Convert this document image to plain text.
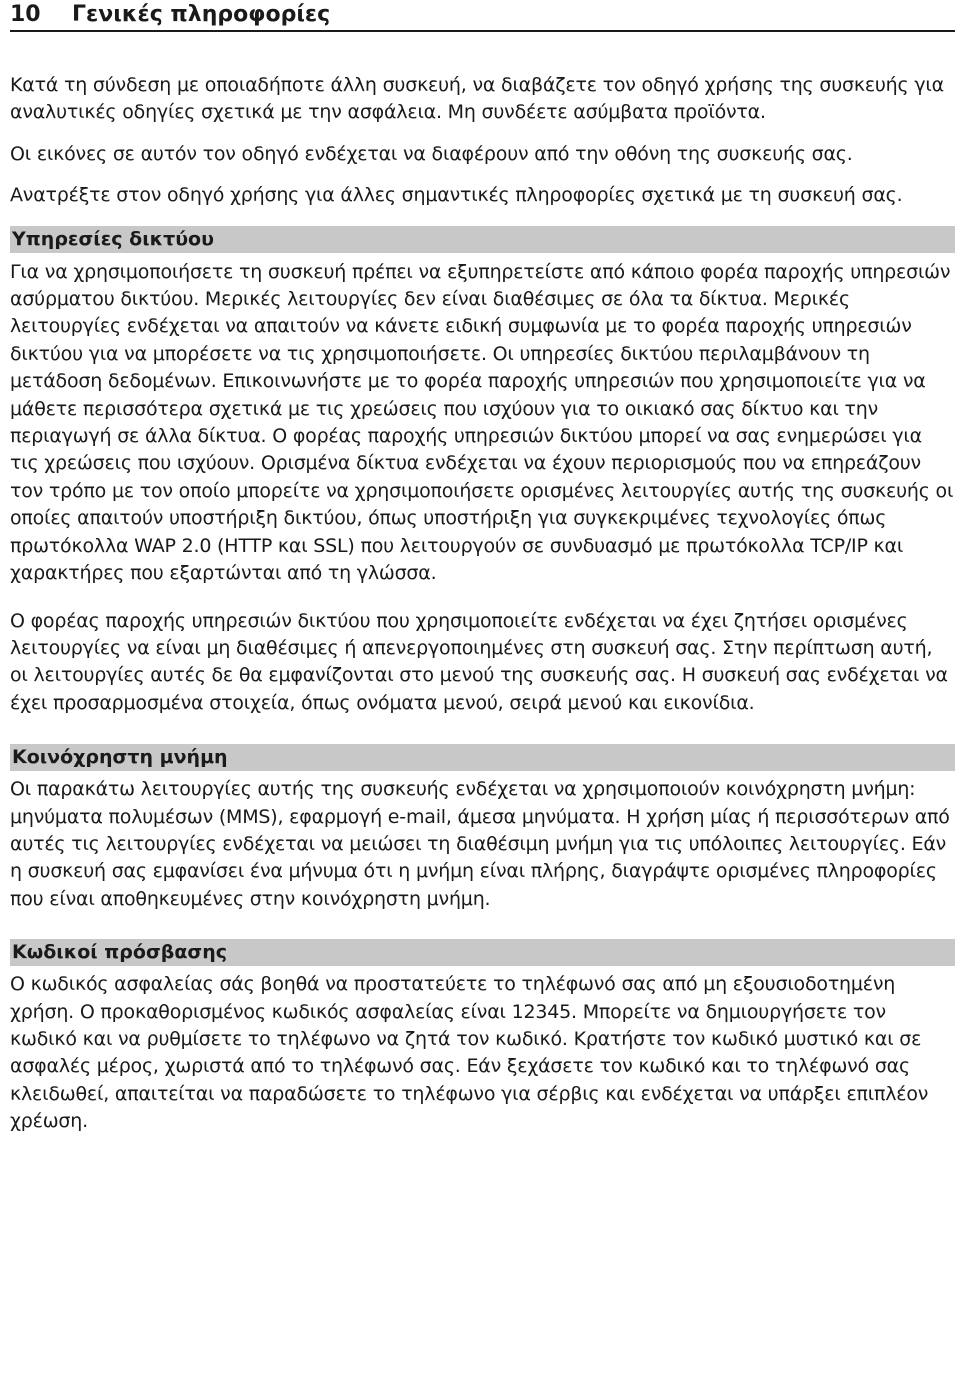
10	Γενικές πληροφορίες

Κατά τη σύνδεση με οποιαδήποτε άλλη συσκευή, να διαβάζετε τον οδηγό χρήσης της συσκευής για αναλυτικές οδηγίες σχετικά με την ασφάλεια. Μη συνδέετε ασύμβατα προϊόντα.

Οι εικόνες σε αυτόν τον οδηγό ενδέχεται να διαφέρουν από την οθόνη της συσκευής σας.

Ανατρέξτε στον οδηγό χρήσης για άλλες σημαντικές πληροφορίες σχετικά με τη συσκευή σας.

Υπηρεσίες δικτύου

Για να χρησιμοποιήσετε τη συσκευή πρέπει να εξυπηρετείστε από κάποιο φορέα παροχής υπηρεσιών ασύρματου δικτύου. Μερικές λειτουργίες δεν είναι διαθέσιμες σε όλα τα δίκτυα. Μερικές λειτουργίες ενδέχεται να απαιτούν να κάνετε ειδική συμφωνία με το φορέα παροχής υπηρεσιών δικτύου για να μπορέσετε να τις χρησιμοποιήσετε. Οι υπηρεσίες δικτύου περιλαμβάνουν τη μετάδοση δεδομένων. Επικοινωνήστε με το φορέα παροχής υπηρεσιών που χρησιμοποιείτε για να μάθετε περισσότερα σχετικά με τις χρεώσεις που ισχύουν για το οικιακό σας δίκτυο και την περιαγωγή σε άλλα δίκτυα. Ο φορέας παροχής υπηρεσιών δικτύου μπορεί να σας ενημερώσει για τις χρεώσεις που ισχύουν. Ορισμένα δίκτυα ενδέχεται να έχουν περιορισμούς που να επηρεάζουν τον τρόπο με τον οποίο μπορείτε να χρησιμοποιήσετε ορισμένες λειτουργίες αυτής της συσκευής οι οποίες απαιτούν υποστήριξη δικτύου, όπως υποστήριξη για συγκεκριμένες τεχνολογίες όπως πρωτόκολλα WAP 2.0 (HTTP και SSL) που λειτουργούν σε συνδυασμό με πρωτόκολλα TCP/IP και χαρακτήρες που εξαρτώνται από τη γλώσσα.

Ο φορέας παροχής υπηρεσιών δικτύου που χρησιμοποιείτε ενδέχεται να έχει ζητήσει ορισμένες λειτουργίες να είναι μη διαθέσιμες ή απενεργοποιημένες στη συσκευή σας. Στην περίπτωση αυτή, οι λειτουργίες αυτές δε θα εμφανίζονται στο μενού της συσκευής σας. Η συσκευή σας ενδέχεται να έχει προσαρμοσμένα στοιχεία, όπως ονόματα μενού, σειρά μενού και εικονίδια.

Κοινόχρηστη μνήμη

Οι παρακάτω λειτουργίες αυτής της συσκευής ενδέχεται να χρησιμοποιούν κοινόχρηστη μνήμη: μηνύματα πολυμέσων (MMS), εφαρμογή e-mail, άμεσα μηνύματα. Η χρήση μίας ή περισσότερων από αυτές τις λειτουργίες ενδέχεται να μειώσει τη διαθέσιμη μνήμη για τις υπόλοιπες λειτουργίες. Εάν η συσκευή σας εμφανίσει ένα μήνυμα ότι η μνήμη είναι πλήρης, διαγράψτε ορισμένες πληροφορίες που είναι αποθηκευμένες στην κοινόχρηστη μνήμη.

Κωδικοί πρόσβασης

Ο κωδικός ασφαλείας σάς βοηθά να προστατεύετε το τηλέφωνό σας από μη εξουσιοδοτημένη χρήση. Ο προκαθορισμένος κωδικός ασφαλείας είναι 12345. Μπορείτε να δημιουργήσετε τον κωδικό και να ρυθμίσετε το τηλέφωνο να ζητά τον κωδικό. Κρατήστε τον κωδικό μυστικό και σε ασφαλές μέρος, χωριστά από το τηλέφωνό σας. Εάν ξεχάσετε τον κωδικό και το τηλέφωνό σας κλειδωθεί, απαιτείται να παραδώσετε το τηλέφωνο για σέρβις και ενδέχεται να υπάρξει επιπλέον χρέωση.
